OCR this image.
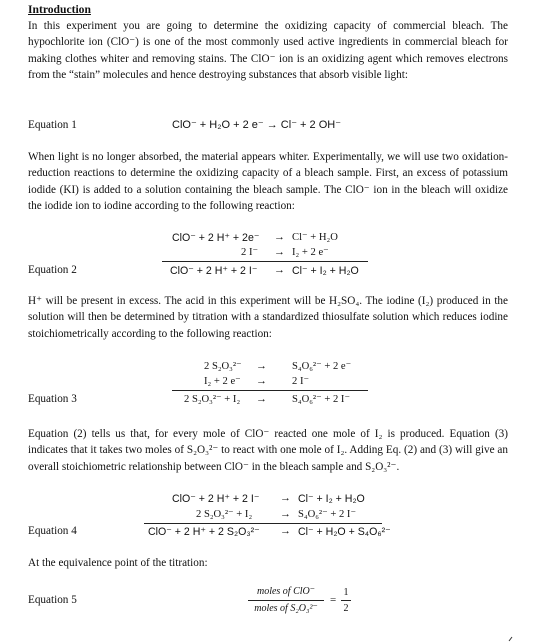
Introduction
In this experiment you are going to determine the oxidizing capacity of commercial bleach. The hypochlorite ion (ClO⁻) is one of the most commonly used active ingredients in commercial bleach for making clothes whiter and removing stains. The ClO⁻ ion is an oxidizing agent which removes electrons from the “stain” molecules and hence destroying substances that absorb visible light:
Equation 1	ClO⁻ + H₂O + 2 e⁻ → Cl⁻ + 2 OH⁻
When light is no longer absorbed, the material appears whiter. Experimentally, we will use two oxidation-reduction reactions to determine the oxidizing capacity of a bleach sample. First, an excess of potassium iodide (KI) is added to a solution containing the bleach sample. The ClO⁻ ion in the bleach will oxidize the iodide ion to iodine according to the following reaction:
ClO⁻ + 2 H⁺ + 2e⁻ → Cl⁻ + H₂O
2 I⁻ → I₂ + 2 e⁻
Equation 2	ClO⁻ + 2 H⁺ + 2 I⁻ → Cl⁻ + I₂ + H₂O
H⁺ will be present in excess. The acid in this experiment will be H₂SO₄. The iodine (I₂) produced in the solution will then be determined by titration with a standardized thiosulfate solution which reduces iodine stoichiometrically according to the following reaction:
2 S₂O₃²⁻ → S₄O₆²⁻ + 2 e⁻
I₂ + 2 e⁻ → 2 I⁻
Equation 3	2 S₂O₃²⁻ + I₂ → S₄O₆²⁻ + 2 I⁻
Equation (2) tells us that, for every mole of ClO⁻ reacted one mole of I₂ is produced. Equation (3) indicates that it takes two moles of S₂O₃²⁻ to react with one mole of I₂. Adding Eq. (2) and (3) will give an overall stoichiometric relationship between ClO⁻ in the bleach sample and S₂O₃²⁻.
ClO⁻ + 2 H⁺ + 2 I⁻ → Cl⁻ + I₂ + H₂O
2 S₂O₃²⁻ + I₂	→ S₄O₆²⁻ + 2 I⁻
Equation 4	ClO⁻ + 2 H⁺ + 2 S₂O₃²⁻ → Cl⁻ + H₂O + S₄O₆²⁻
At the equivalence point of the titration:
Equation 5
moles of ClO⁻
moles of S₂O₃²⁻
=
1
2
